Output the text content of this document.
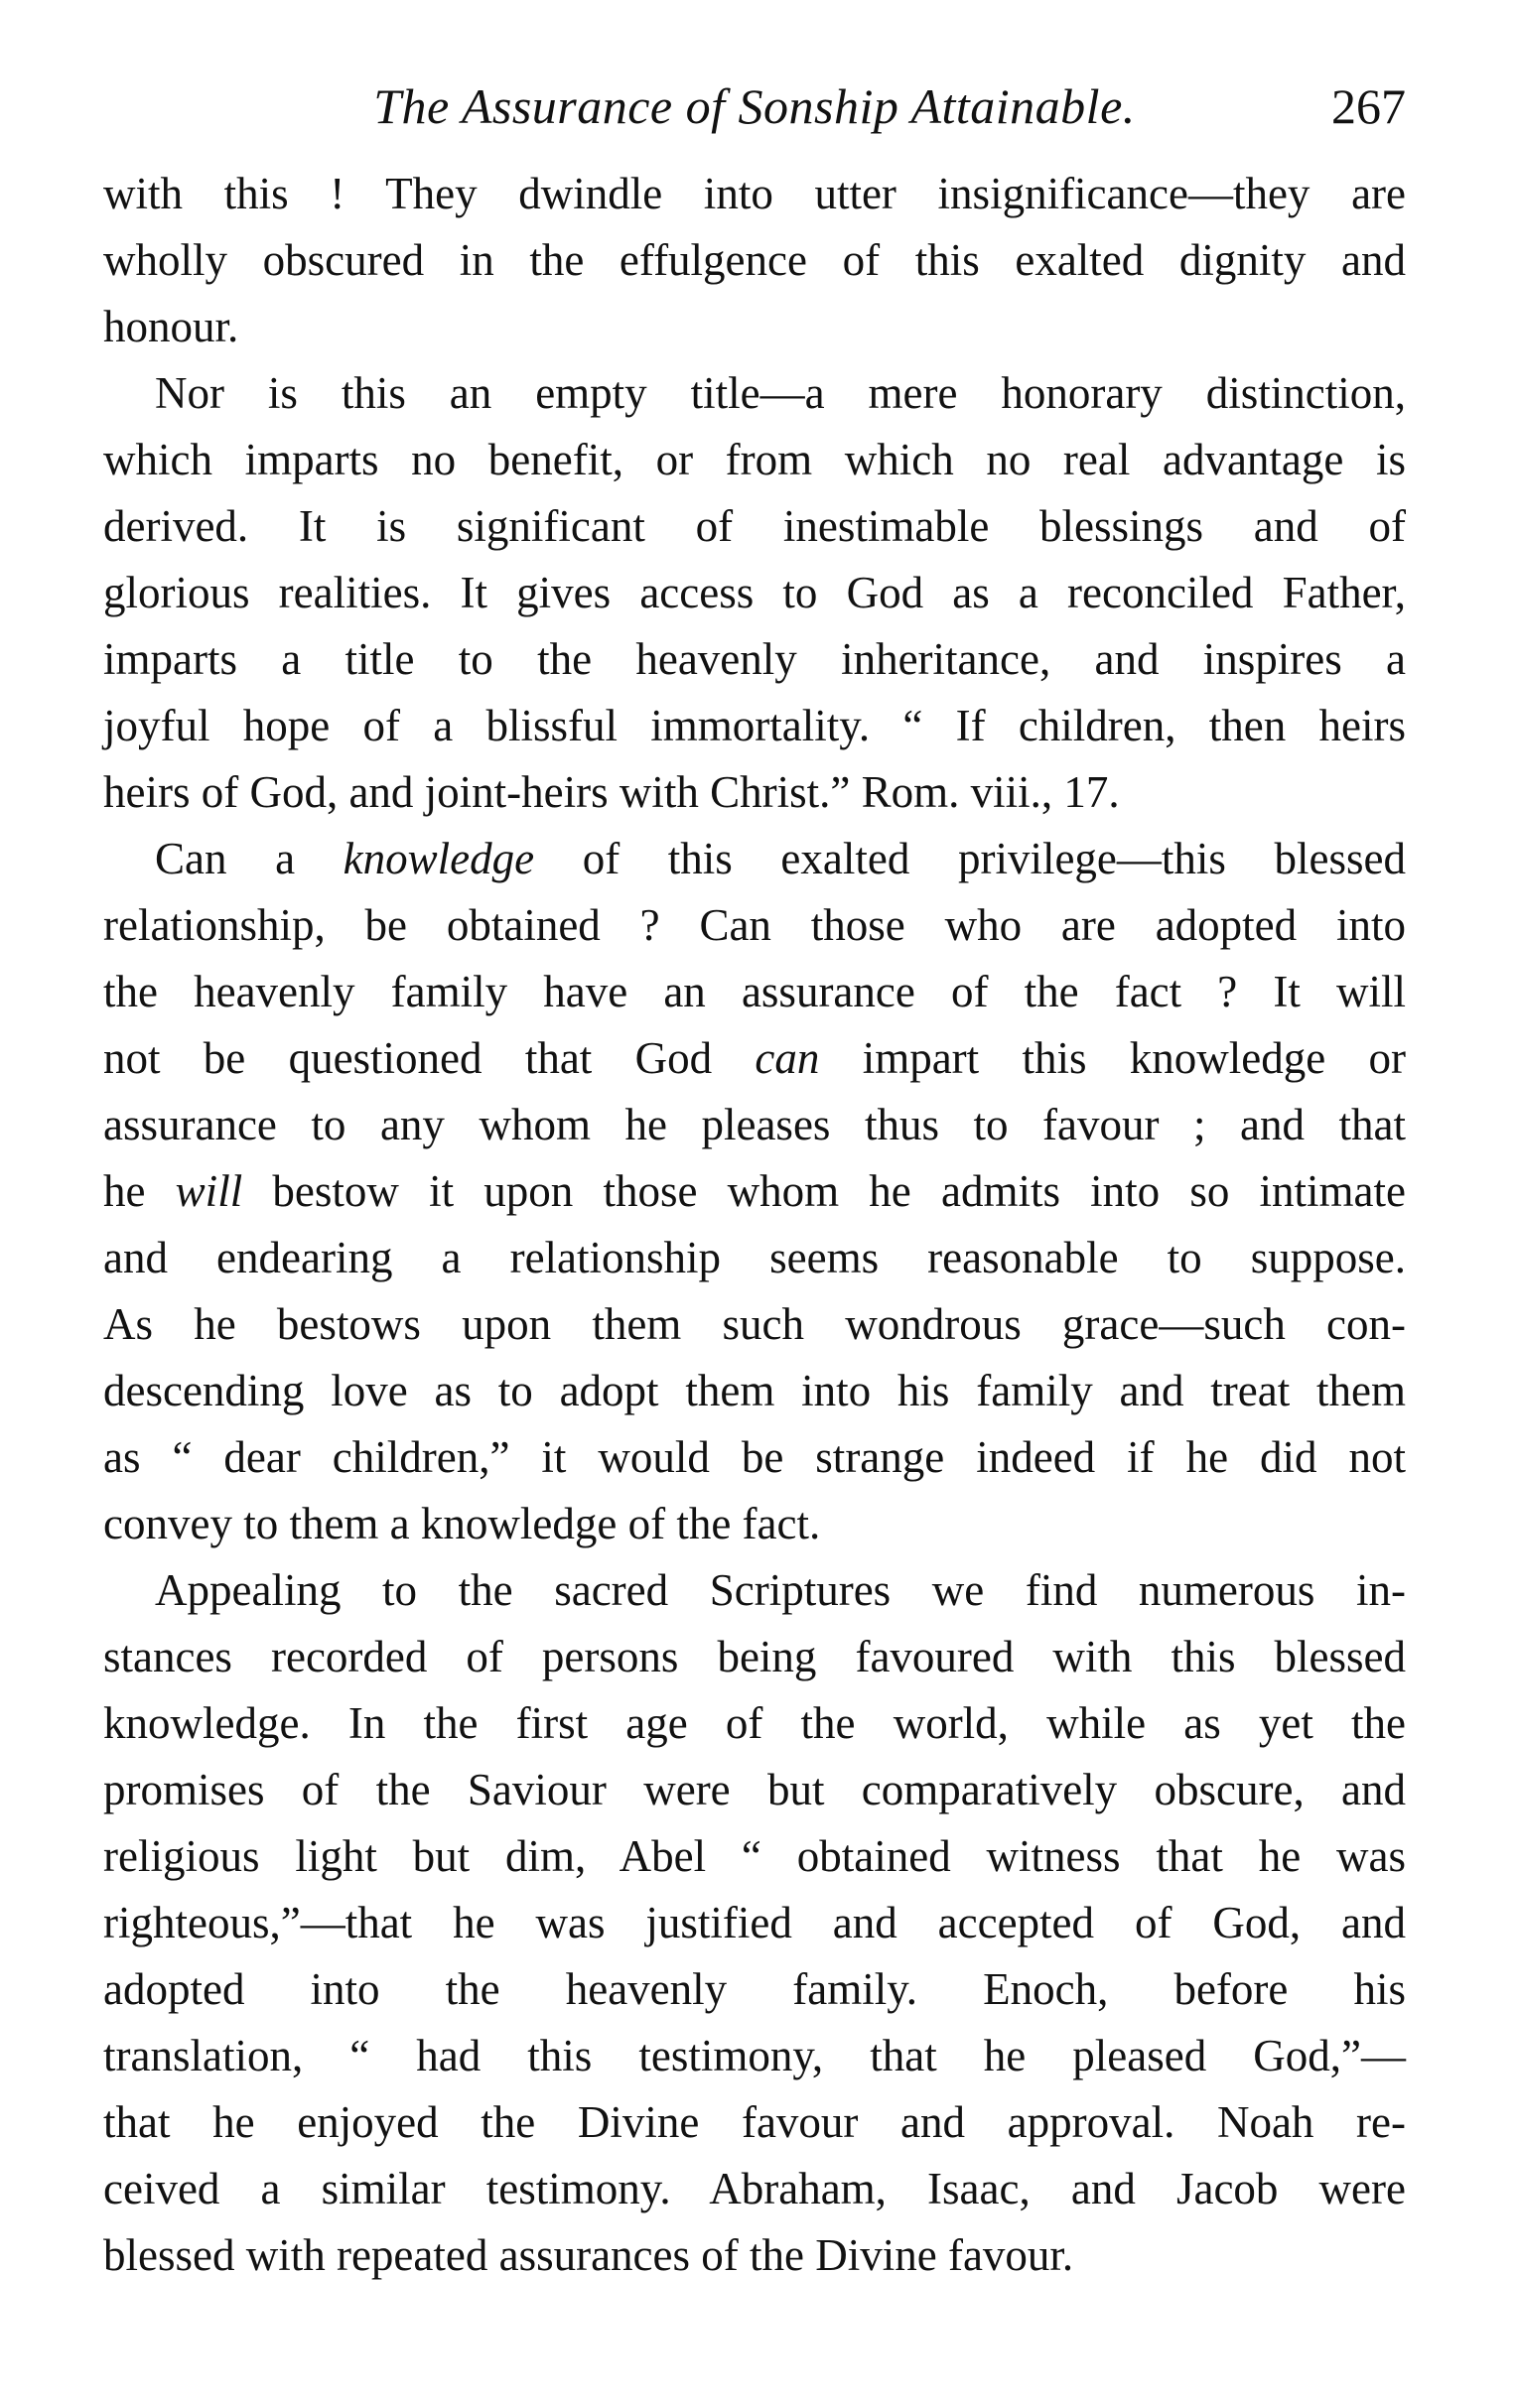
The Assurance of Sonship Attainable.	267
with this ! They dwindle into utter insignificance—they are
wholly obscured in the effulgence of this exalted dignity and
honour.
Nor is this an empty title—a mere honorary distinction,
which imparts no benefit, or from which no real advantage is
derived. It is significant of inestimable blessings and of
glorious realities. It gives access to God as a reconciled Father,
imparts a title to the heavenly inheritance, and inspires a
joyful hope of a blissful immortality. “ If children, then heirs
heirs of God, and joint-heirs with Christ.” Rom. viii., 17.
Can a knowledge of this exalted privilege—this blessed
relationship, be obtained ? Can those who are adopted into
the heavenly family have an assurance of the fact ? It will
not be questioned that God can impart this knowledge or
assurance to any whom he pleases thus to favour ; and that
he will bestow it upon those whom he admits into so intimate
and endearing a relationship seems reasonable to suppose.
As he bestows upon them such wondrous grace—such con-
descending love as to adopt them into his family and treat them
as “ dear children,” it would be strange indeed if he did not
convey to them a knowledge of the fact.
Appealing to the sacred Scriptures we find numerous in-
stances recorded of persons being favoured with this blessed
knowledge. In the first age of the world, while as yet the
promises of the Saviour were but comparatively obscure, and
religious light but dim, Abel “ obtained witness that he was
righteous,”—that he was justified and accepted of God, and
adopted into the heavenly family. Enoch, before his
translation, “ had this testimony, that he pleased God,”—
that he enjoyed the Divine favour and approval. Noah re-
ceived a similar testimony. Abraham, Isaac, and Jacob were
blessed with repeated assurances of the Divine favour.
